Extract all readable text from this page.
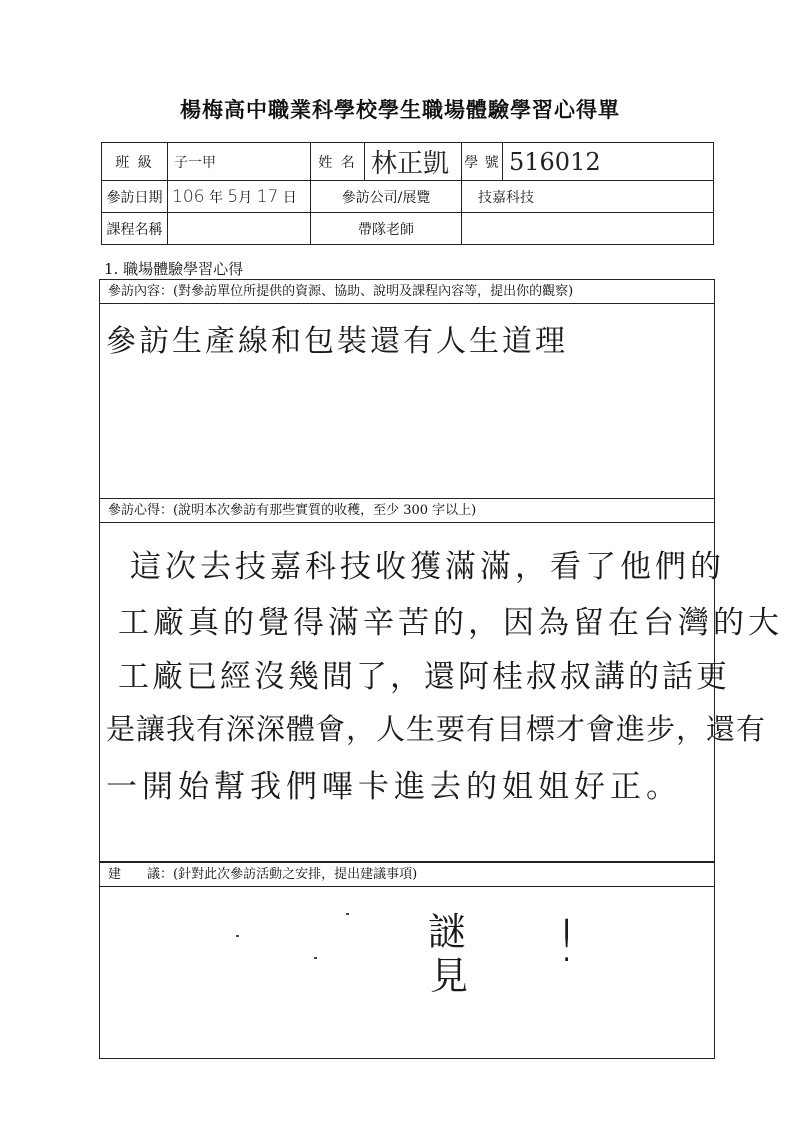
楊梅高中職業科學校學生職場體驗學習心得單
班 級	子一甲	姓 名	林正凱	學 號	516012
參訪日期	106 年 5月 17 日	參訪公司/展覽		技嘉科技	
課程名稱		帶隊老師			
1. 職場體驗學習心得
參訪內容：(對參訪單位所提供的資源、協助、說明及課程內容等，提出你的觀察)
參訪生產線和包裝還有人生道理
參訪心得：(說明本次參訪有那些實質的收穫，至少 300 字以上)
這次去技嘉科技收獲滿滿，看了他們的
工廠真的覺得滿辛苦的，因為留在台灣的大
工廠已經沒幾間了，還阿桂叔叔講的話更
是讓我有深深體會，人生要有目標才會進步，還有
一開始幫我們嗶卡進去的姐姐好正。
建　　議：(針對此次參訪活動之安排，提出建議事項)
謎
見
!
